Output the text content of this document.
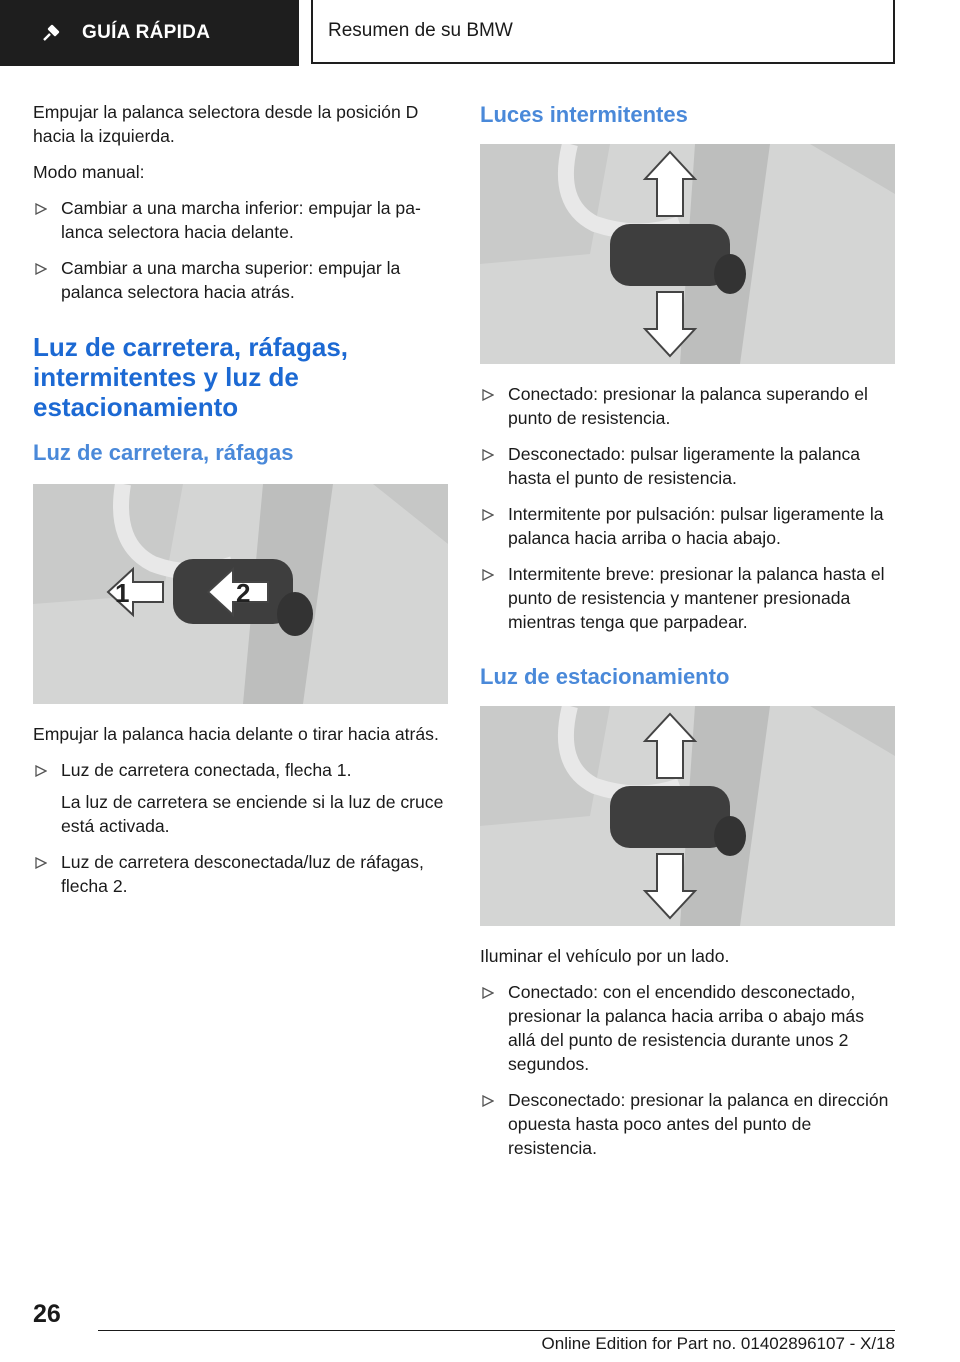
GUÍA RÁPIDA	Resumen de su BMW

Empujar la palanca selectora desde la posición D hacia la izquierda.

Modo manual:

Cambiar a una marcha inferior: empujar la palanca selectora hacia delante.
Cambiar a una marcha superior: empujar la palanca selectora hacia atrás.
Luz de carretera, ráfagas, intermitentes y luz de estacionamiento
Luz de carretera, ráfagas
1	2

Empujar la palanca hacia delante o tirar hacia atrás.

Luz de carretera conectada, flecha 1.

La luz de carretera se enciende si la luz de cruce está activada.

Luz de carretera desconectada/luz de ráfagas, flecha 2.
Luces intermitentes
Conectado: presionar la palanca superando el punto de resistencia.
Desconectado: pulsar ligeramente la palanca hasta el punto de resistencia.
Intermitente por pulsación: pulsar ligeramente la palanca hacia arriba o hacia abajo.
Intermitente breve: presionar la palanca hasta el punto de resistencia y mantener presionada mientras tenga que parpadear.
Luz de estacionamiento

Iluminar el vehículo por un lado.

Conectado: con el encendido desconectado, presionar la palanca hacia arriba o abajo más allá del punto de resistencia durante unos 2 segundos.
Desconectado: presionar la palanca en dirección opuesta hasta poco antes del punto de resistencia.
26
Online Edition for Part no. 01402896107 - X/18
